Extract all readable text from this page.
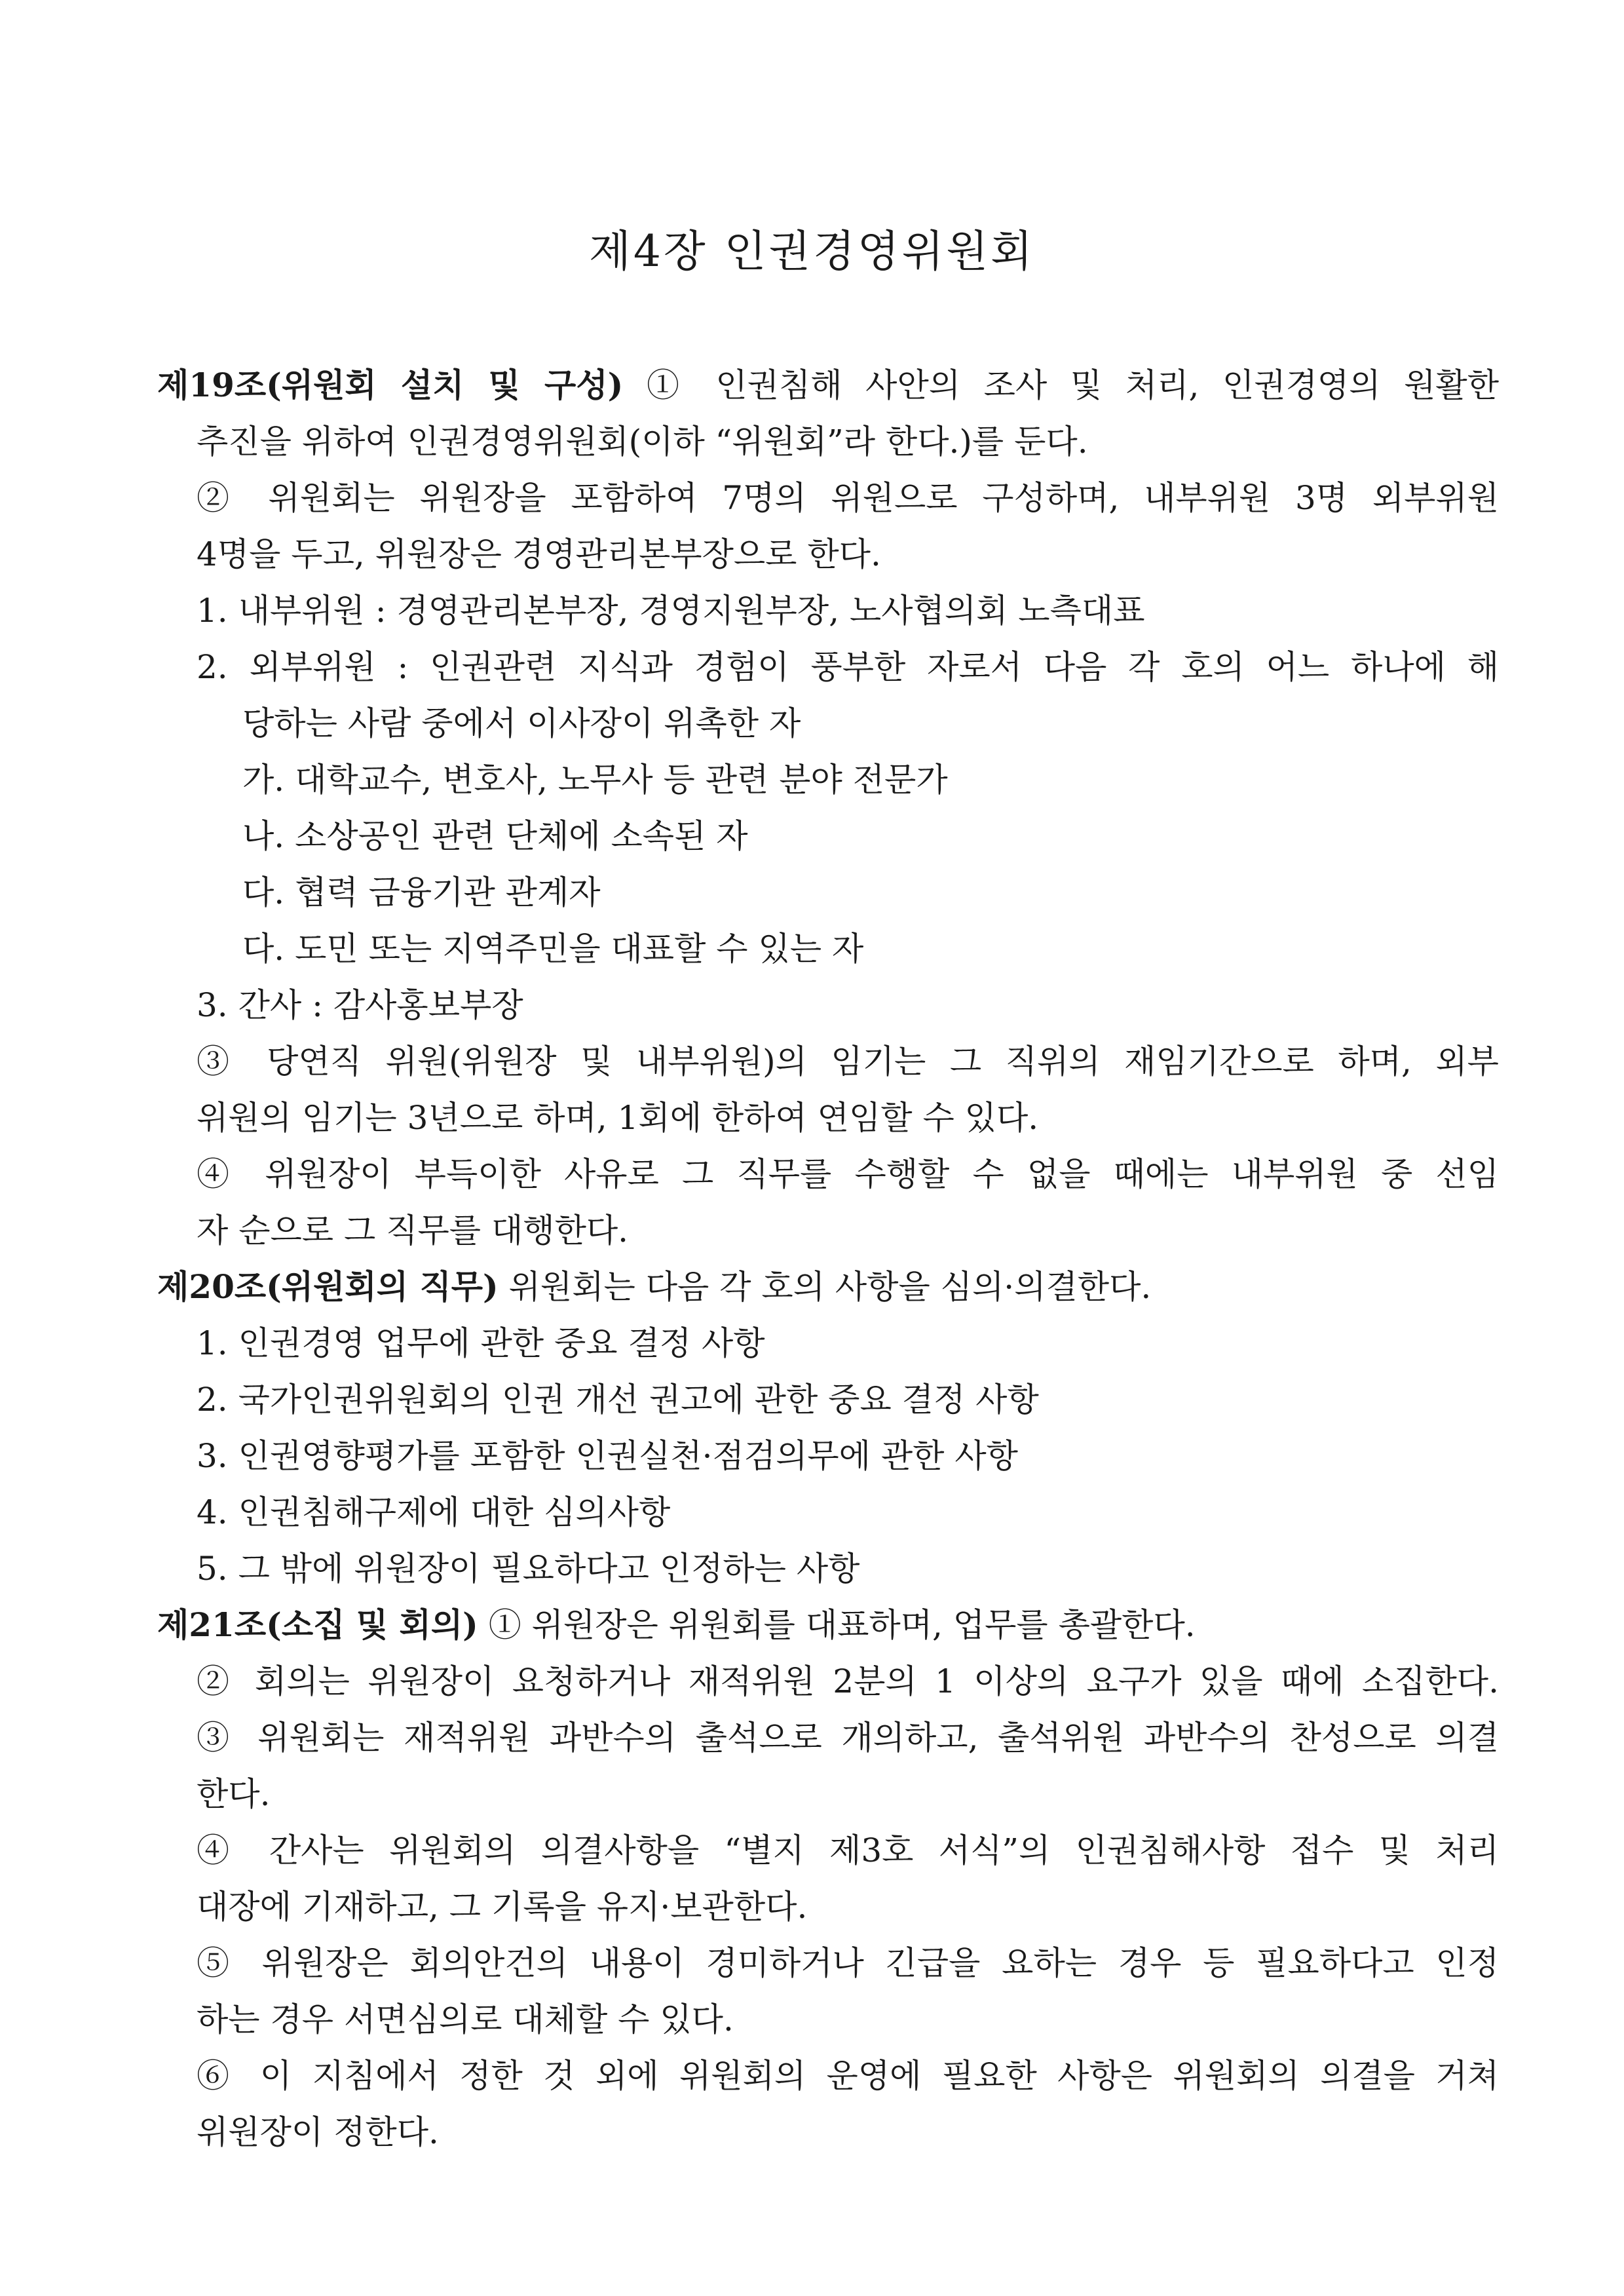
제4장 인권경영위원회
제19조(위원회 설치 및 구성) ① 인권침해 사안의 조사 및 처리, 인권경영의 원활한
추진을 위하여 인권경영위원회(이하 “위원회”라 한다.)를 둔다.
② 위원회는 위원장을 포함하여 7명의 위원으로 구성하며, 내부위원 3명 외부위원
4명을 두고, 위원장은 경영관리본부장으로 한다.
1. 내부위원 : 경영관리본부장, 경영지원부장, 노사협의회 노측대표
2. 외부위원 : 인권관련 지식과 경험이 풍부한 자로서 다음 각 호의 어느 하나에 해
당하는 사람 중에서 이사장이 위촉한 자
가. 대학교수, 변호사, 노무사 등 관련 분야 전문가
나. 소상공인 관련 단체에 소속된 자
다. 협력 금융기관 관계자
다. 도민 또는 지역주민을 대표할 수 있는 자
3. 간사 : 감사홍보부장
③ 당연직 위원(위원장 및 내부위원)의 임기는 그 직위의 재임기간으로 하며, 외부
위원의 임기는 3년으로 하며, 1회에 한하여 연임할 수 있다.
④ 위원장이 부득이한 사유로 그 직무를 수행할 수 없을 때에는 내부위원 중 선임
자 순으로 그 직무를 대행한다.
제20조(위원회의 직무) 위원회는 다음 각 호의 사항을 심의·의결한다.
1. 인권경영 업무에 관한 중요 결정 사항
2. 국가인권위원회의 인권 개선 권고에 관한 중요 결정 사항
3. 인권영향평가를 포함한 인권실천·점검의무에 관한 사항
4. 인권침해구제에 대한 심의사항
5. 그 밖에 위원장이 필요하다고 인정하는 사항
제21조(소집 및 회의) ① 위원장은 위원회를 대표하며, 업무를 총괄한다.
② 회의는 위원장이 요청하거나 재적위원 2분의 1 이상의 요구가 있을 때에 소집한다.
③ 위원회는 재적위원 과반수의 출석으로 개의하고, 출석위원 과반수의 찬성으로 의결
한다.
④ 간사는 위원회의 의결사항을 “별지 제3호 서식”의 인권침해사항 접수 및 처리
대장에 기재하고, 그 기록을 유지·보관한다.
⑤ 위원장은 회의안건의 내용이 경미하거나 긴급을 요하는 경우 등 필요하다고 인정
하는 경우 서면심의로 대체할 수 있다.
⑥ 이 지침에서 정한 것 외에 위원회의 운영에 필요한 사항은 위원회의 의결을 거쳐
위원장이 정한다.
